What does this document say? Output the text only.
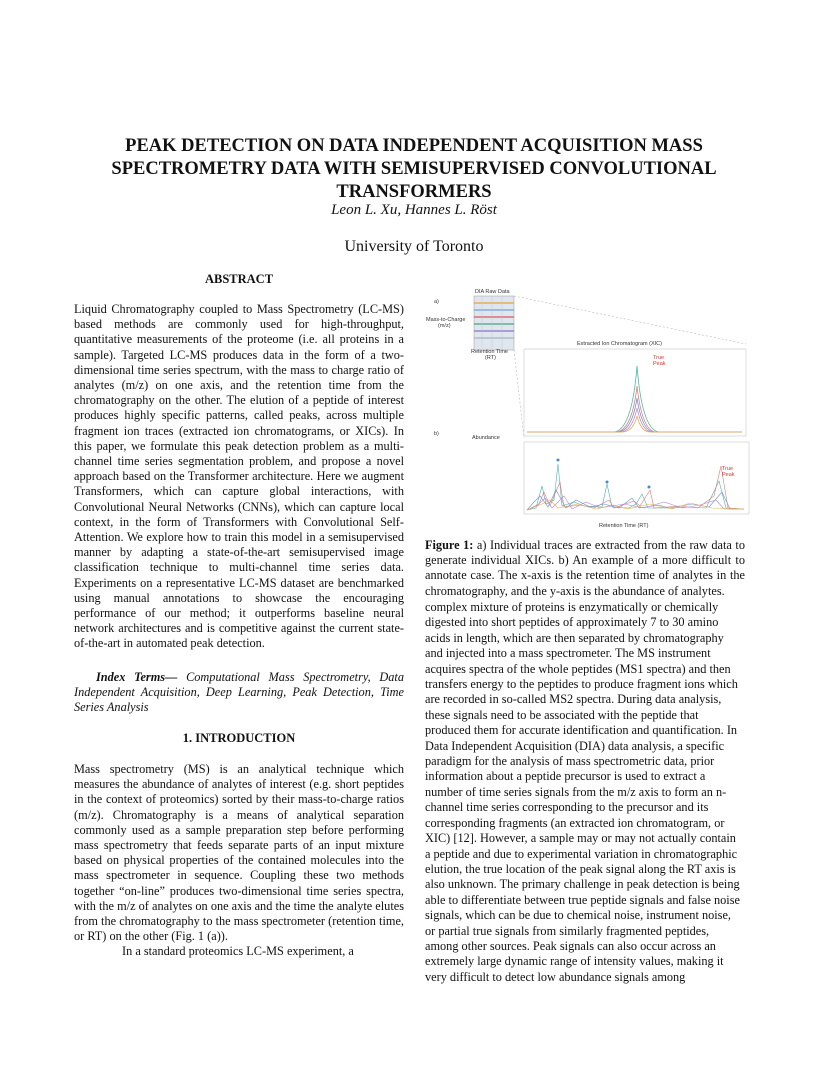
PEAK DETECTION ON DATA INDEPENDENT ACQUISITION MASS
SPECTROMETRY DATA WITH SEMISUPERVISED CONVOLUTIONAL
TRANSFORMERS
Leon L. Xu, Hannes L. Röst
University of Toronto
ABSTRACT
Liquid Chromatography coupled to Mass Spectrometry (LC-MS) based methods are commonly used for high-throughput, quantitative measurements of the proteome (i.e. all proteins in a sample). Targeted LC-MS produces data in the form of a two-dimensional time series spectrum, with the mass to charge ratio of analytes (m/z) on one axis, and the retention time from the chromatography on the other. The elution of a peptide of interest produces highly specific patterns, called peaks, across multiple fragment ion traces (extracted ion chromatograms, or XICs). In this paper, we formulate this peak detection problem as a multi-channel time series segmentation problem, and propose a novel approach based on the Transformer architecture. Here we augment Transformers, which can capture global interactions, with Convolutional Neural Networks (CNNs), which can capture local context, in the form of Transformers with Convolutional Self-Attention. We explore how to train this model in a semisupervised manner by adapting a state-of-the-art semisupervised image classification technique to multi-channel time series data. Experiments on a representative LC-MS dataset are benchmarked using manual annotations to showcase the encouraging performance of our method; it outperforms baseline neural network architectures and is competitive against the current state-of-the-art in automated peak detection.
Index Terms— Computational Mass Spectrometry, Data Independent Acquisition, Deep Learning, Peak Detection, Time Series Analysis
1. INTRODUCTION

Mass spectrometry (MS) is an analytical technique which measures the abundance of analytes of interest (e.g. short peptides in the context of proteomics) sorted by their mass-to-charge ratios (m/z). Chromatography is a means of analytical separation commonly used as a sample preparation step before performing mass spectrometry that feeds separate parts of an input mixture based on physical properties of the contained molecules into the mass spectrometer in sequence. Coupling these two methods together “on-line” produces two-dimensional time series spectra, with the m/z of analytes on one axis and the time the analyte elutes from the chromatography to the mass spectrometer (retention time, or RT) on the other (Fig. 1 (a)).

In a standard proteomics LC-MS experiment, a

a)
DIA Raw Data
Mass-to-Charge
(m/z)
Retention Time
(RT)
Extracted Ion Chromatogram (XIC)
True
Peak
b)
Abundance
True
Peak
Retention Time (RT)
Figure 1: a) Individual traces are extracted from the raw data to generate individual XICs. b) An example of a more difficult to annotate case. The x-axis is the retention time of analytes in the chromatography, and the y-axis is the abundance of analytes.
complex mixture of proteins is enzymatically or chemically digested into short peptides of approximately 7 to 30 amino acids in length, which are then separated by chromatography and injected into a mass spectrometer. The MS instrument acquires spectra of the whole peptides (MS1 spectra) and then transfers energy to the peptides to produce fragment ions which are recorded in so-called MS2 spectra. During data analysis, these signals need to be associated with the peptide that produced them for accurate identification and quantification. In Data Independent Acquisition (DIA) data analysis, a specific paradigm for the analysis of mass spectrometric data, prior information about a peptide precursor is used to extract a number of time series signals from the m/z axis to form an n-channel time series corresponding to the precursor and its corresponding fragments (an extracted ion chromatogram, or XIC) [12]. However, a sample may or may not actually contain a peptide and due to experimental variation in chromatographic elution, the true location of the peak signal along the RT axis is also unknown. The primary challenge in peak detection is being able to differentiate between true peptide signals and false noise signals, which can be due to chemical noise, instrument noise, or partial true signals from similarly fragmented peptides, among other sources. Peak signals can also occur across an extremely large dynamic range of intensity values, making it very difficult to detect low abundance signals among
